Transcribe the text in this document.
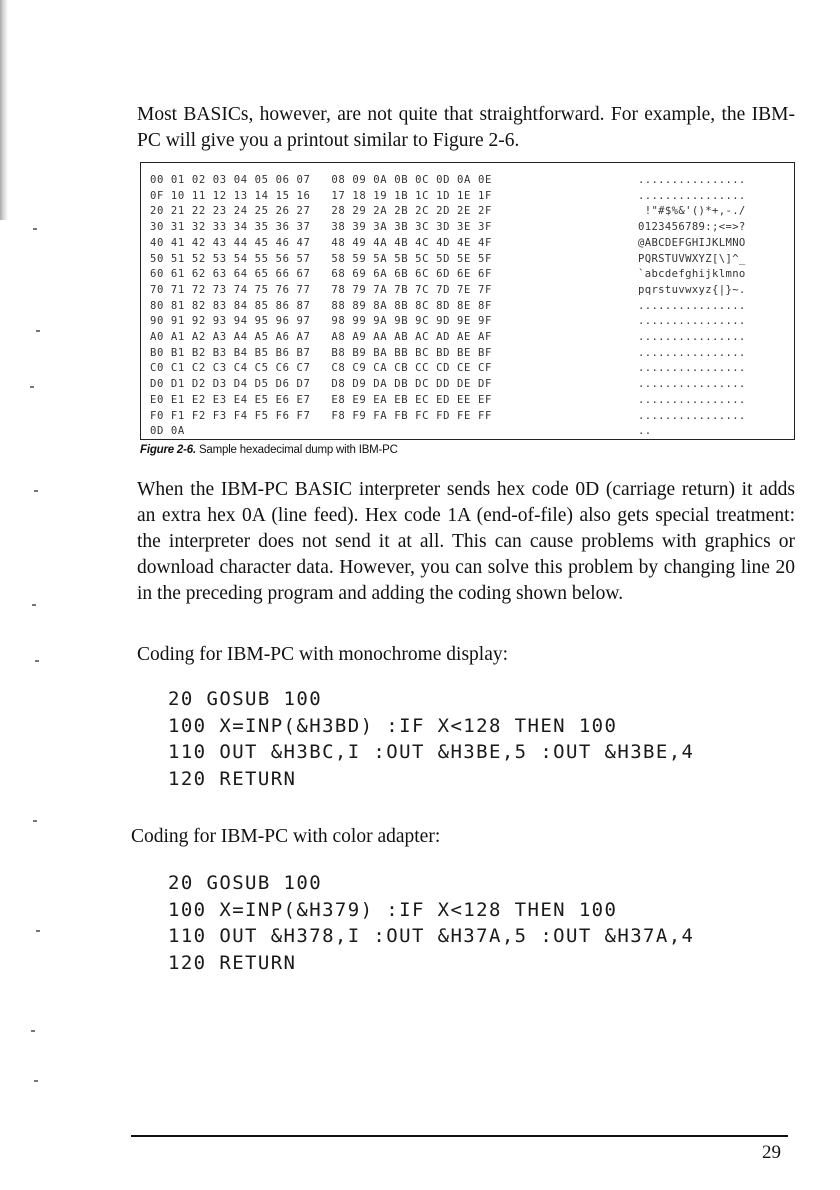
Most BASICs, however, are not quite that straightforward. For example, the IBM-PC will give you a printout similar to Figure 2-6.

00 01 02 03 04 05 06 07   08 09 0A 0B 0C 0D 0A 0E
0F 10 11 12 13 14 15 16   17 18 19 1B 1C 1D 1E 1F
20 21 22 23 24 25 26 27   28 29 2A 2B 2C 2D 2E 2F
30 31 32 33 34 35 36 37   38 39 3A 3B 3C 3D 3E 3F
40 41 42 43 44 45 46 47   48 49 4A 4B 4C 4D 4E 4F
50 51 52 53 54 55 56 57   58 59 5A 5B 5C 5D 5E 5F
60 61 62 63 64 65 66 67   68 69 6A 6B 6C 6D 6E 6F
70 71 72 73 74 75 76 77   78 79 7A 7B 7C 7D 7E 7F
80 81 82 83 84 85 86 87   88 89 8A 8B 8C 8D 8E 8F
90 91 92 93 94 95 96 97   98 99 9A 9B 9C 9D 9E 9F
A0 A1 A2 A3 A4 A5 A6 A7   A8 A9 AA AB AC AD AE AF
B0 B1 B2 B3 B4 B5 B6 B7   B8 B9 BA BB BC BD BE BF
C0 C1 C2 C3 C4 C5 C6 C7   C8 C9 CA CB CC CD CE CF
D0 D1 D2 D3 D4 D5 D6 D7   D8 D9 DA DB DC DD DE DF
E0 E1 E2 E3 E4 E5 E6 E7   E8 E9 EA EB EC ED EE EF
F0 F1 F2 F3 F4 F5 F6 F7   F8 F9 FA FB FC FD FE FF
0D 0A
................
................
!"#$%&'()*+,-./
0123456789:;<=>?
@ABCDEFGHIJKLMNO
PQRSTUVWXYZ[\]^_
`abcdefghijklmno
pqrstuvwxyz{|}~.
................
................
................
................
................
................
................
................
..

Figure 2-6. Sample hexadecimal dump with IBM-PC

When the IBM-PC BASIC interpreter sends hex code 0D (carriage return) it adds an extra hex 0A (line feed). Hex code 1A (end-of-file) also gets special treatment: the interpreter does not send it at all. This can cause problems with graphics or download character data. However, you can solve this problem by changing line 20 in the preceding program and adding the coding shown below.

Coding for IBM-PC with monochrome display:

20 GOSUB 100
100 X=INP(&H3BD) :IF X<128 THEN 100
110 OUT &H3BC,I :OUT &H3BE,5 :OUT &H3BE,4
120 RETURN

Coding for IBM-PC with color adapter:

20 GOSUB 100
100 X=INP(&H379) :IF X<128 THEN 100
110 OUT &H378,I :OUT &H37A,5 :OUT &H37A,4
120 RETURN

29
